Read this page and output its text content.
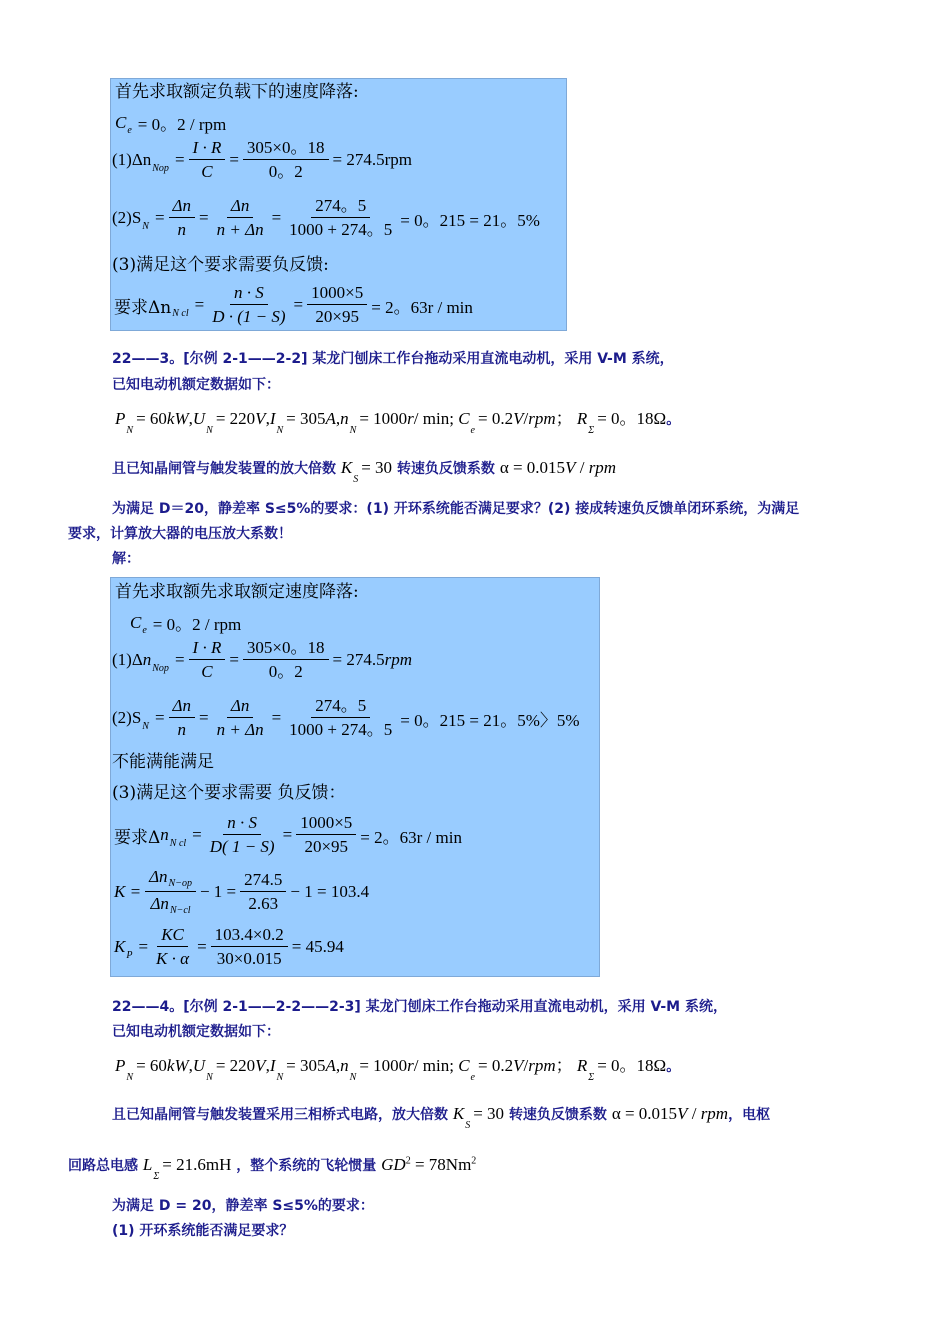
首先求取额定负载下的速度降落:
C e = 0。2 / rpm
(1)Δn Nop = $\frac{I \cdot R}{C} = \frac{305\times 0。18}{0。2} = 274.5rpm$
(2)S $N = \frac{\Delta n}{n} = \frac{\Delta n}{n + \Delta n} = \frac{274。5}{1000 + 274。5} = 0$。215 = 21。5%
(3)满足这个要求需要负反馈:
要求Δn N cl = $\frac{n \cdot S}{D \cdot (1 - S)} = \frac{1000\times 5}{20\times 95} = 2$。63r / min
22——3。[尔例 2-1——2-2] 某龙门刨床工作台拖动采用直流电动机，采用 V-M 系统，
已知电动机额定数据如下：
P
N
= 60 kW , U
N
= 220 V , I
N
= 305 A , n
N
= 1000 r / min;
C
e
= 0.2 V / rpm ；
R
Σ
= 0。18Ω 。
且已知晶闸管与触发装置的放大倍数 $K_S= 30$ 转速负反馈系数 α = 0.015V / rpm
为满足 D＝20，静差率 S≤5%的要求：(1) 开环系统能否满足要求？(2) 接成转速负反馈单闭环系统，为满足
要求，计算放大器的电压放大系数！
解：
首先求取额先求取额定速度降落:
C e = 0。2 / rpm
(1)Δ n Nop = $\frac{I \cdot R}{C} = \frac{305\times 0。18}{0。2} = 274.5rpm$
(2)S $N = \frac{\Delta n}{n} = \frac{\Delta n}{n + \Delta n} = \frac{274。5}{1000 + 274。5} = 0$。215 = 21。5%〉5%
不能满能满足
(3)满足这个要求需要 负反馈：
要求Δ n N cl = $\frac{n \cdot S}{D( 1 - S)} = \frac{1000\times 5}{20\times 95} = 2$。63r / min
$K = \frac{\Delta n_{N-op}}{\Delta n_{N-cl}} - 1 = \frac{274.5}{2.63} - 1 = 103.4$
K $P = \frac{KC}{K \cdot \alpha} = \frac{103.4\times 0.2}{30\times 0.015} = 45.94$
22——4。[尔例 2-1——2-2——2-3] 某龙门刨床工作台拖动采用直流电动机，采用 V-M 系统，
已知电动机额定数据如下：
P
N
= 60 kW , U
N
= 220 V , I
N
= 305 A , n
N
= 1000 r / min;
C
e
= 0.2 V / rpm ；
R
Σ
= 0。18Ω 。
且已知晶闸管与触发装置采用三相桥式电路，放大倍数 $K_S= 30$ 转速负反馈系数 α = 0.015V / rpm，电枢
回路总电感 $L_\Sigma= 21.6mH$ ，整个系统的飞轮惯量 $GD^2 = 78Nm^2$
为满足 D = 20，静差率 S≤5%的要求：
(1) 开环系统能否满足要求？
